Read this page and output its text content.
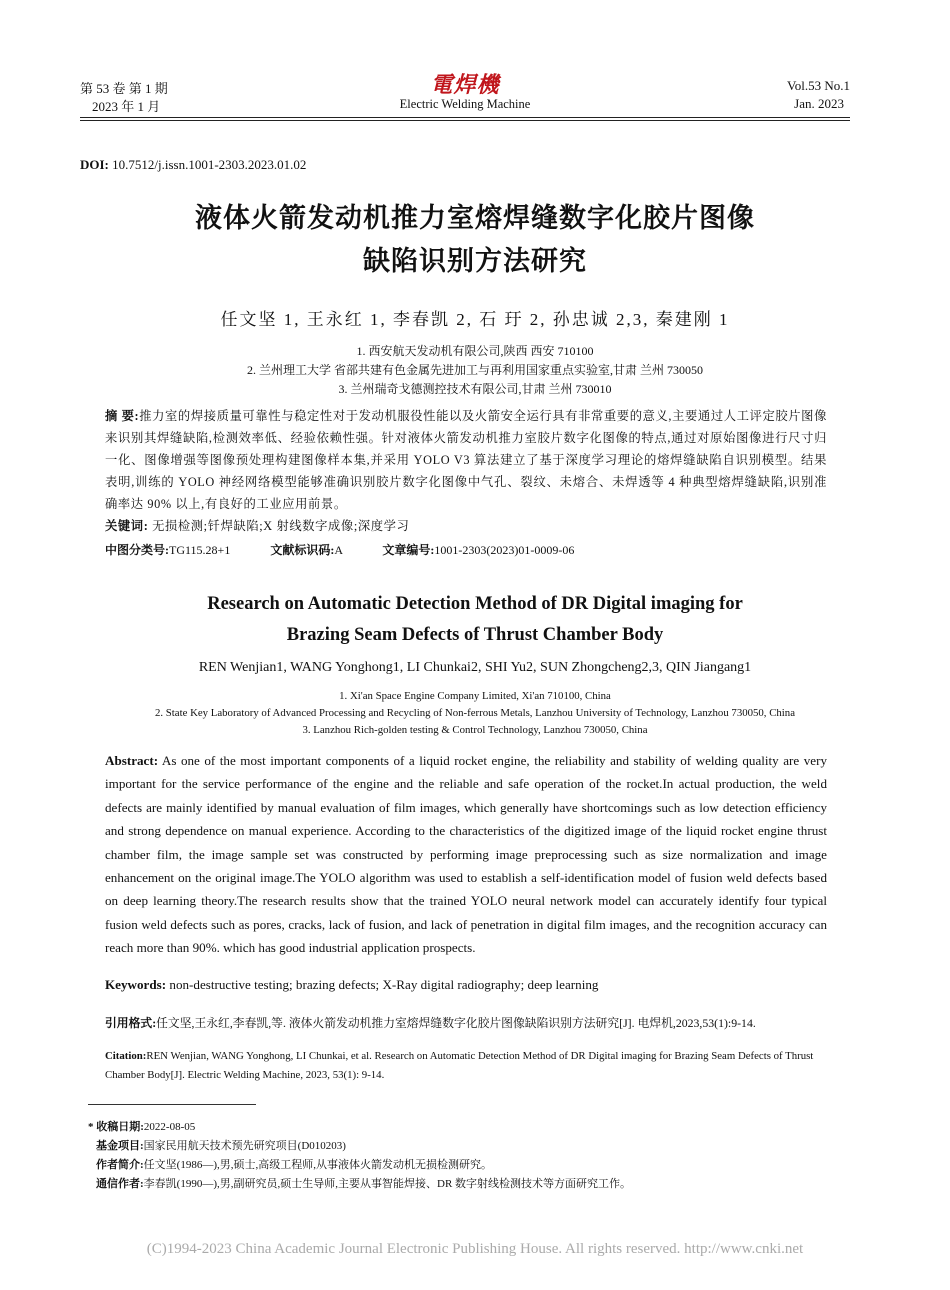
第 53 卷 第 1 期
2023 年 1 月
電焊機
Electric Welding Machine
Vol.53 No.1
Jan. 2023
DOI: 10.7512/j.issn.1001-2303.2023.01.02
液体火箭发动机推力室熔焊缝数字化胶片图像
缺陷识别方法研究
任文坚 1, 王永红 1, 李春凯 2, 石 玗 2, 孙忠诚 2,3, 秦建刚 1
1. 西安航天发动机有限公司,陕西 西安 710100
2. 兰州理工大学 省部共建有色金属先进加工与再利用国家重点实验室,甘肃 兰州 730050
3. 兰州瑞奇戈德测控技术有限公司,甘肃 兰州 730010
摘 要:推力室的焊接质量可靠性与稳定性对于发动机服役性能以及火箭安全运行具有非常重要的意义,主要通过人工评定胶片图像来识别其焊缝缺陷,检测效率低、经验依赖性强。针对液体火箭发动机推力室胶片数字化图像的特点,通过对原始图像进行尺寸归一化、图像增强等图像预处理构建图像样本集,并采用 YOLO V3 算法建立了基于深度学习理论的熔焊缝缺陷自识别模型。结果表明,训练的 YOLO 神经网络模型能够准确识别胶片数字化图像中气孔、裂纹、未熔合、未焊透等 4 种典型熔焊缝缺陷,识别准确率达 90% 以上,有良好的工业应用前景。
关键词: 无损检测;钎焊缺陷;X 射线数字成像;深度学习
中图分类号:TG115.28+1	文献标识码:A	文章编号:1001-2303(2023)01-0009-06
Research on Automatic Detection Method of DR Digital imaging for
Brazing Seam Defects of Thrust Chamber Body
REN Wenjian1, WANG Yonghong1, LI Chunkai2, SHI Yu2, SUN Zhongcheng2,3, QIN Jiangang1
1. Xi'an Space Engine Company Limited, Xi'an 710100, China
2. State Key Laboratory of Advanced Processing and Recycling of Non-ferrous Metals, Lanzhou University of Technology, Lanzhou 730050, China
3. Lanzhou Rich-golden testing & Control Technology, Lanzhou 730050, China
Abstract: As one of the most important components of a liquid rocket engine, the reliability and stability of welding quality are very important for the service performance of the engine and the reliable and safe operation of the rocket.In actual production, the weld defects are mainly identified by manual evaluation of film images, which generally have shortcomings such as low detection efficiency and strong dependence on manual experience. According to the characteristics of the digitized image of the liquid rocket engine thrust chamber film, the image sample set was constructed by performing image preprocessing such as size normalization and image enhancement on the original image.The YOLO algorithm was used to establish a self-identification model of fusion weld defects based on deep learning theory.The research results show that the trained YOLO neural network model can accurately identify four typical fusion weld defects such as pores, cracks, lack of fusion, and lack of penetration in digital film images, and the recognition accuracy can reach more than 90%. which has good industrial application prospects.
Keywords: non-destructive testing; brazing defects; X-Ray digital radiography; deep learning
引用格式:任文坚,王永红,李春凯,等. 液体火箭发动机推力室熔焊缝数字化胶片图像缺陷识别方法研究[J]. 电焊机,2023,53(1):9-14.
Citation:REN Wenjian, WANG Yonghong, LI Chunkai, et al. Research on Automatic Detection Method of DR Digital imaging for Brazing Seam Defects of Thrust Chamber Body[J]. Electric Welding Machine, 2023, 53(1): 9-14.
* 收稿日期:2022-08-05
基金项目:国家民用航天技术预先研究项目(D010203)
作者简介:任文坚(1986—),男,硕士,高级工程师,从事液体火箭发动机无损检测研究。
通信作者:李春凯(1990—),男,副研究员,硕士生导师,主要从事智能焊接、DR 数字射线检测技术等方面研究工作。
(C)1994-2023 China Academic Journal Electronic Publishing House. All rights reserved. http://www.cnki.net
